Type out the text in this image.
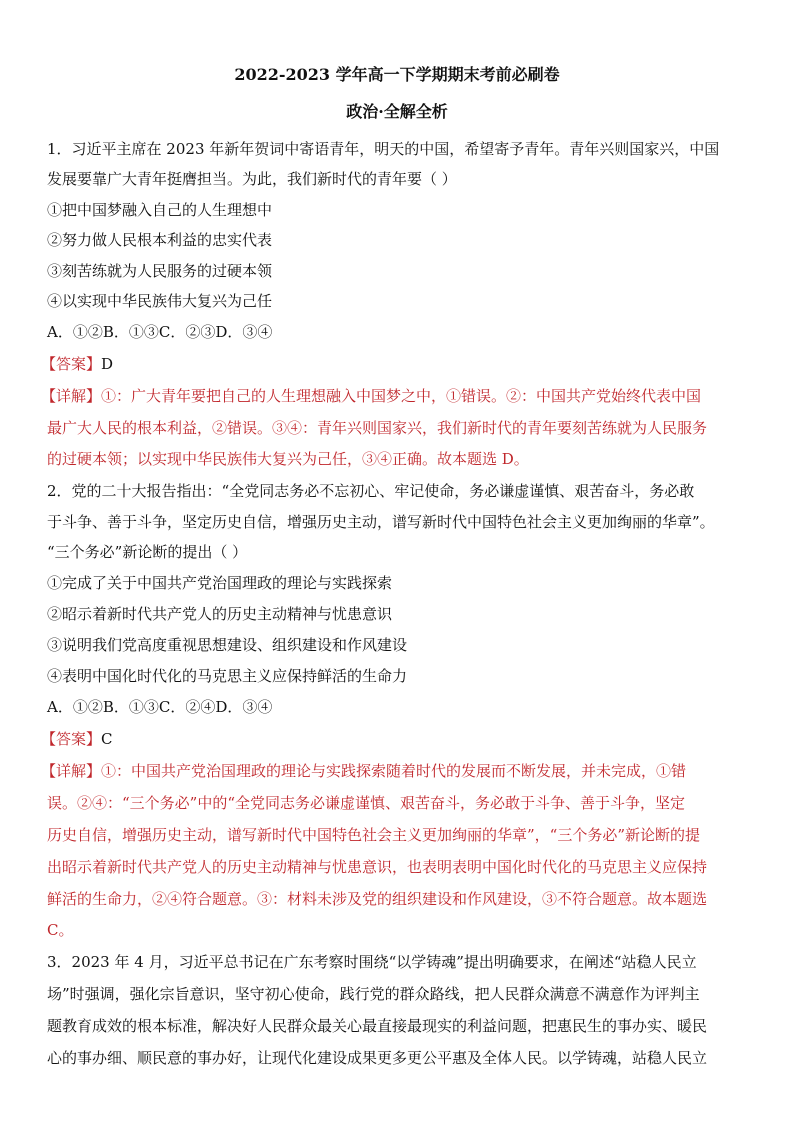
2022-2023 学年高一下学期期末考前必刷卷
政治·全解全析
1．习近平主席在 2023 年新年贺词中寄语青年，明天的中国，希望寄予青年。青年兴则国家兴，中国
发展要靠广大青年挺膺担当。为此，我们新时代的青年要（ ）
①把中国梦融入自己的人生理想中
②努力做人民根本利益的忠实代表
③刻苦练就为人民服务的过硬本领
④以实现中华民族伟大复兴为己任
A．①②B．①③C．②③D．③④
【答案】D
【详解】①：广大青年要把自己的人生理想融入中国梦之中，①错误。②：中国共产党始终代表中国
最广大人民的根本利益，②错误。③④：青年兴则国家兴，我们新时代的青年要刻苦练就为人民服务
的过硬本领；以实现中华民族伟大复兴为己任，③④正确。故本题选 D。
2．党的二十大报告指出：“全党同志务必不忘初心、牢记使命，务必谦虚谨慎、艰苦奋斗，务必敢
于斗争、善于斗争，坚定历史自信，增强历史主动，谱写新时代中国特色社会主义更加绚丽的华章”。
“三个务必”新论断的提出（ ）
①完成了关于中国共产党治国理政的理论与实践探索
②昭示着新时代共产党人的历史主动精神与忧患意识
③说明我们党高度重视思想建设、组织建设和作风建设
④表明中国化时代化的马克思主义应保持鲜活的生命力
A．①②B．①③C．②④D．③④
【答案】C
【详解】①：中国共产党治国理政的理论与实践探索随着时代的发展而不断发展，并未完成，①错
误。②④：“三个务必”中的“全党同志务必谦虚谨慎、艰苦奋斗，务必敢于斗争、善于斗争，坚定
历史自信，增强历史主动，谱写新时代中国特色社会主义更加绚丽的华章”，“三个务必”新论断的提
出昭示着新时代共产党人的历史主动精神与忧患意识，也表明表明中国化时代化的马克思主义应保持
鲜活的生命力，②④符合题意。③：材料未涉及党的组织建设和作风建设，③不符合题意。故本题选
C。
3．2023 年 4 月，习近平总书记在广东考察时围绕“以学铸魂”提出明确要求，在阐述“站稳人民立
场”时强调，强化宗旨意识，坚守初心使命，践行党的群众路线，把人民群众满意不满意作为评判主
题教育成效的根本标准，解决好人民群众最关心最直接最现实的利益问题，把惠民生的事办实、暖民
心的事办细、顺民意的事办好，让现代化建设成果更多更公平惠及全体人民。以学铸魂，站稳人民立
